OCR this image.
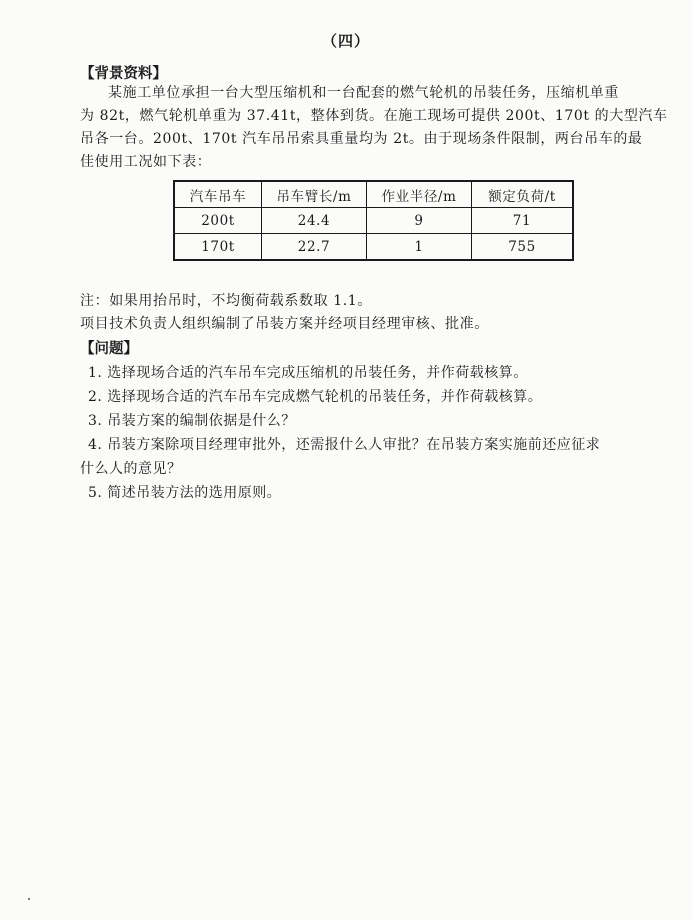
（四）
【背景资料】
某施工单位承担一台大型压缩机和一台配套的燃气轮机的吊装任务，压缩机单重
为 82t，燃气轮机单重为 37.41t，整体到货。在施工现场可提供 200t、170t 的大型汽车
吊各一台。200t、170t 汽车吊吊索具重量均为 2t。由于现场条件限制，两台吊车的最
佳使用工况如下表：
汽车吊车	吊车臂长/m	作业半径/m	额定负荷/t
200t	24.4	9	71
170t	22.7	1	755
注：如果用抬吊时，不均衡荷载系数取 1.1。
项目技术负责人组织编制了吊装方案并经项目经理审核、批准。
【问题】
1. 选择现场合适的汽车吊车完成压缩机的吊装任务，并作荷载核算。
2. 选择现场合适的汽车吊车完成燃气轮机的吊装任务，并作荷载核算。
3. 吊装方案的编制依据是什么？
4. 吊装方案除项目经理审批外，还需报什么人审批？在吊装方案实施前还应征求
什么人的意见？
5. 简述吊装方法的选用原则。
